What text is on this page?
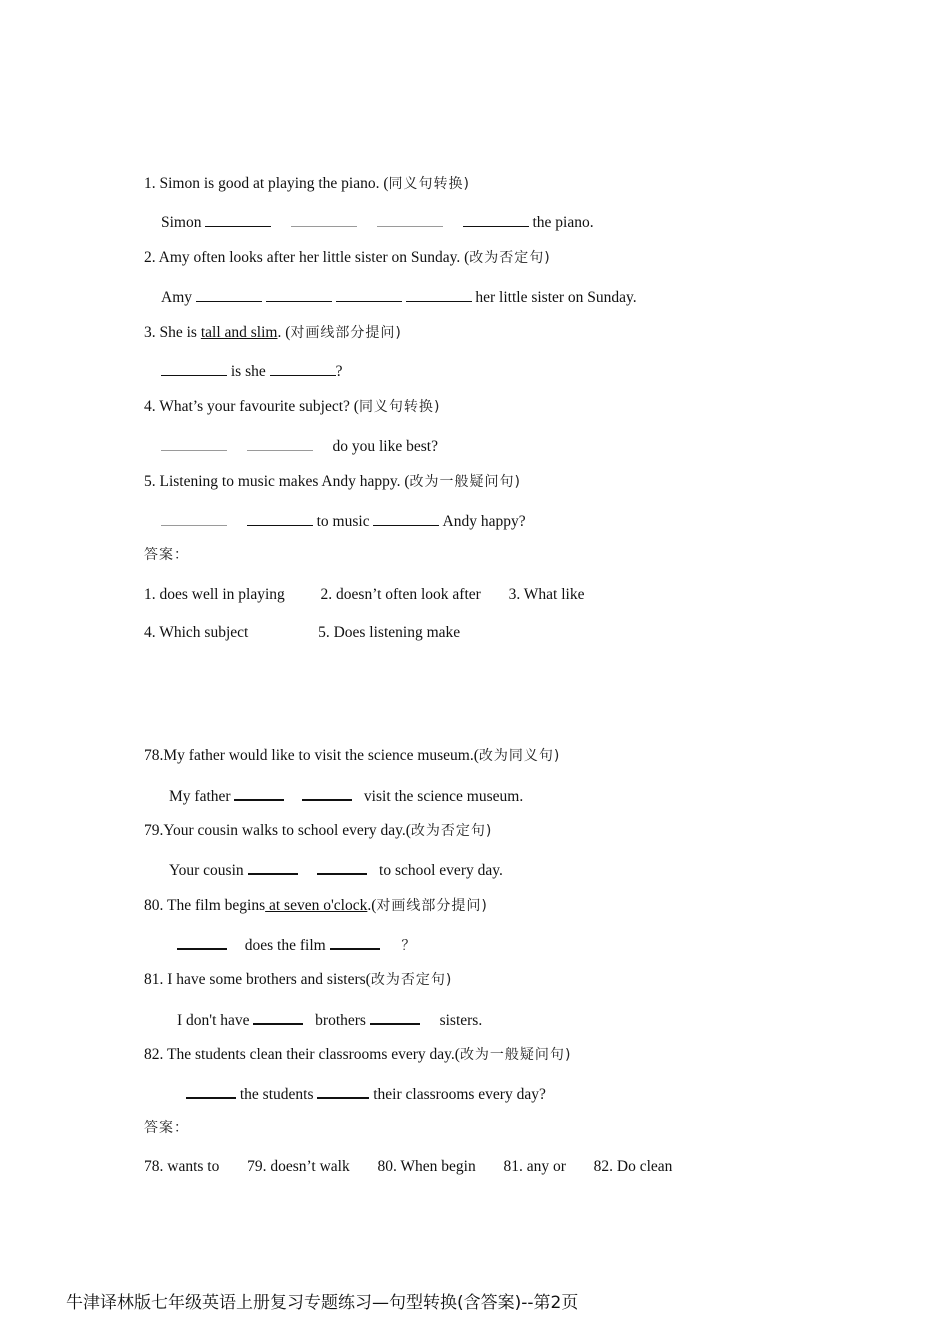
1. Simon is good at playing the piano. (同义句转换)
Simon	the piano.
2. Amy often looks after her little sister on Sunday. (改为否定句)
Amy	her little sister on Sunday.
3. She is tall and slim. (对画线部分提问)
is she	?
4. What’s your favourite subject? (同义句转换)
do you like best?
5. Listening to music makes Andy happy. (改为一般疑问句)
to music	Andy happy?
答案：
1. does well in playing 2. doesn’t often look after 3. What like
4. Which subject	5. Does listening make
78.My father would like to visit the science museum.(改为同义句)
My father	visit the science museum.
79.Your cousin walks to school every day.(改为否定句)
Your cousin	to school every day.
80. The film begins at seven o'clock.(对画线部分提问)
does the film	？
81. I have some brothers and sisters(改为否定句)
I don't have	brothers	sisters.
82. The students clean their classrooms every day.(改为一般疑问句)
the students	their classrooms every day?
答案：
78. wants to 79. doesn’t walk 80. When begin 81. any or 82. Do clean
牛津译林版七年级英语上册复习专题练习—句型转换(含答案)--第2页
